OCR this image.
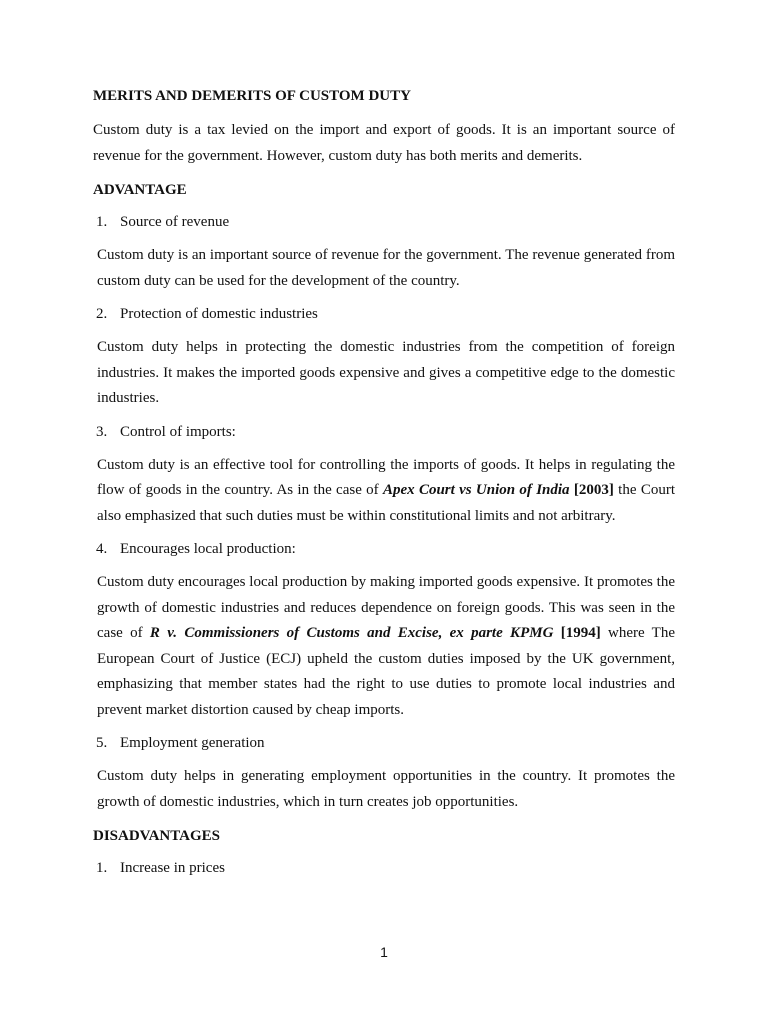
MERITS AND DEMERITS OF CUSTOM DUTY

Custom duty is a tax levied on the import and export of goods. It is an important source of revenue for the government. However, custom duty has both merits and demerits.

ADVANTAGE

1. Source of revenue

Custom duty is an important source of revenue for the government. The revenue generated from custom duty can be used for the development of the country.

2. Protection of domestic industries

Custom duty helps in protecting the domestic industries from the competition of foreign industries. It makes the imported goods expensive and gives a competitive edge to the domestic industries.

3. Control of imports:

Custom duty is an effective tool for controlling the imports of goods. It helps in regulating the flow of goods in the country. As in the case of Apex Court vs Union of India [2003] the Court also emphasized that such duties must be within constitutional limits and not arbitrary.

4. Encourages local production:

Custom duty encourages local production by making imported goods expensive. It promotes the growth of domestic industries and reduces dependence on foreign goods. This was seen in the case of R v. Commissioners of Customs and Excise, ex parte KPMG [1994] where The European Court of Justice (ECJ) upheld the custom duties imposed by the UK government, emphasizing that member states had the right to use duties to promote local industries and prevent market distortion caused by cheap imports.

5. Employment generation

Custom duty helps in generating employment opportunities in the country. It promotes the growth of domestic industries, which in turn creates job opportunities.

DISADVANTAGES

1. Increase in prices
1
